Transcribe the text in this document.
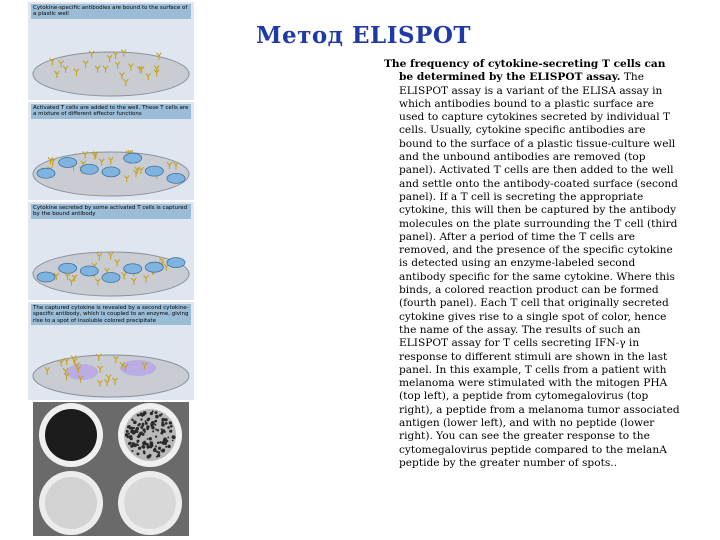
Cytokine-specific antibodies are bound to the surface of a plastic well
Activated T cells are added to the well. These T cells are a mixture of different effector functions
Cytokine secreted by some activated T cells is captured by the bound antibody
The captured cytokine is revealed by a second cytokine-specific antibody, which is coupled to an enzyme, giving rise to a spot of insoluble colored precipitate
Метод ELISPOT

The frequency of cytokine-secreting T cells can be determined by the ELISPOT assay. The ELISPOT assay is a variant of the ELISA assay in which antibodies bound to a plastic surface are used to capture cytokines secreted by individual T cells. Usually, cytokine specific antibodies are bound to the surface of a plastic tissue-culture well and the unbound antibodies are removed (top panel). Activated T cells are then added to the well and settle onto the antibody-coated surface (second panel). If a T cell is secreting the appropriate cytokine, this will then be captured by the antibody molecules on the plate surrounding the T cell (third panel). After a period of time the T cells are removed, and the presence of the specific cytokine is detected using an enzyme-labeled second antibody specific for the same cytokine. Where this binds, a colored reaction product can be formed (fourth panel). Each T cell that originally secreted cytokine gives rise to a single spot of color, hence the name of the assay. The results of such an ELISPOT assay for T cells secreting IFN-γ in response to different stimuli are shown in the last panel. In this example, T cells from a patient with melanoma were stimulated with the mitogen PHA (top left), a peptide from cytomegalovirus (top right), a peptide from a melanoma tumor associated antigen (lower left), and with no peptide (lower right). You can see the greater response to the cytomegalovirus peptide compared to the melanA peptide by the greater number of spots..
